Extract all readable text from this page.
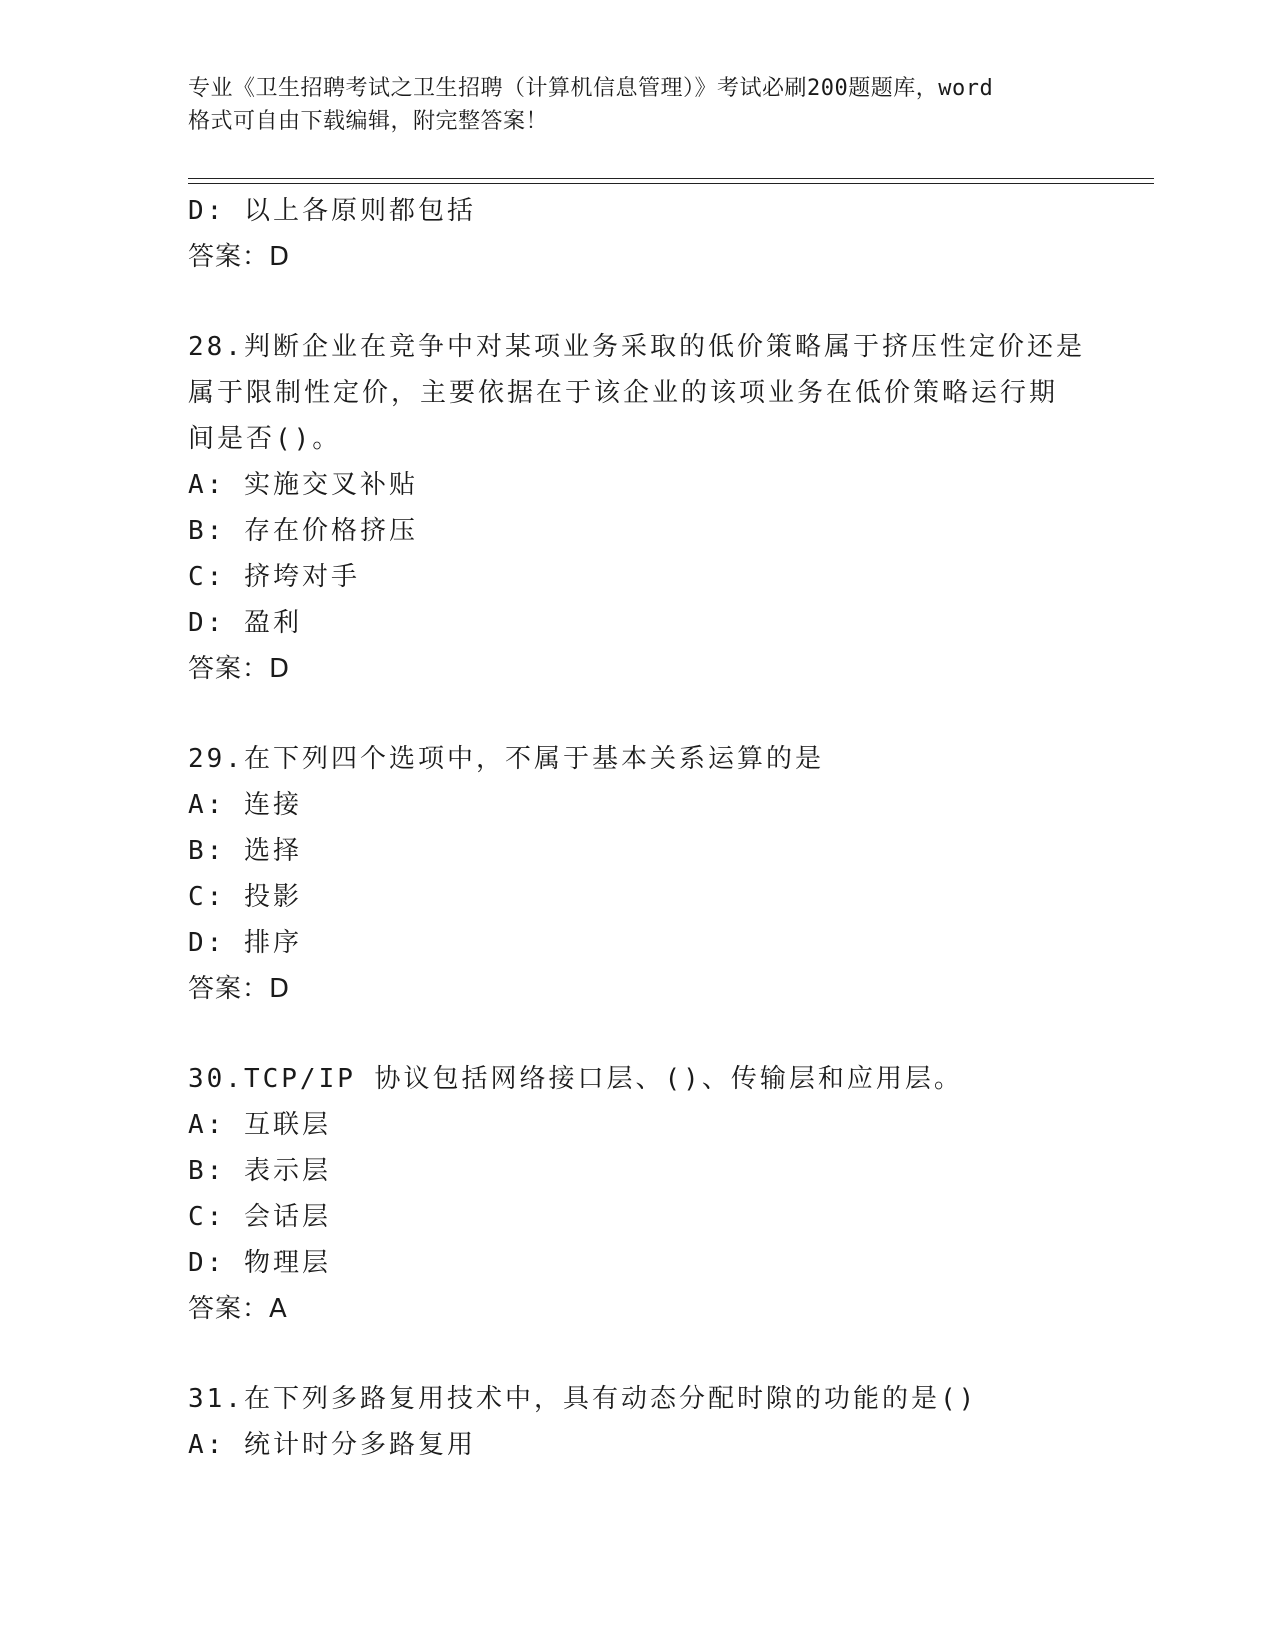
专业《卫生招聘考试之卫生招聘（计算机信息管理）》考试必刷200题题库，word
格式可自由下载编辑，附完整答案！
D: 以上各原则都包括
答案：D
28.判断企业在竞争中对某项业务采取的低价策略属于挤压性定价还是
属于限制性定价，主要依据在于该企业的该项业务在低价策略运行期
间是否()。
A: 实施交叉补贴
B: 存在价格挤压
C: 挤垮对手
D: 盈利
答案：D
29.在下列四个选项中，不属于基本关系运算的是
A: 连接
B: 选择
C: 投影
D: 排序
答案：D
30.TCP/IP 协议包括网络接口层、()、传输层和应用层。
A: 互联层
B: 表示层
C: 会话层
D: 物理层
答案：A
31.在下列多路复用技术中，具有动态分配时隙的功能的是()
A: 统计时分多路复用
